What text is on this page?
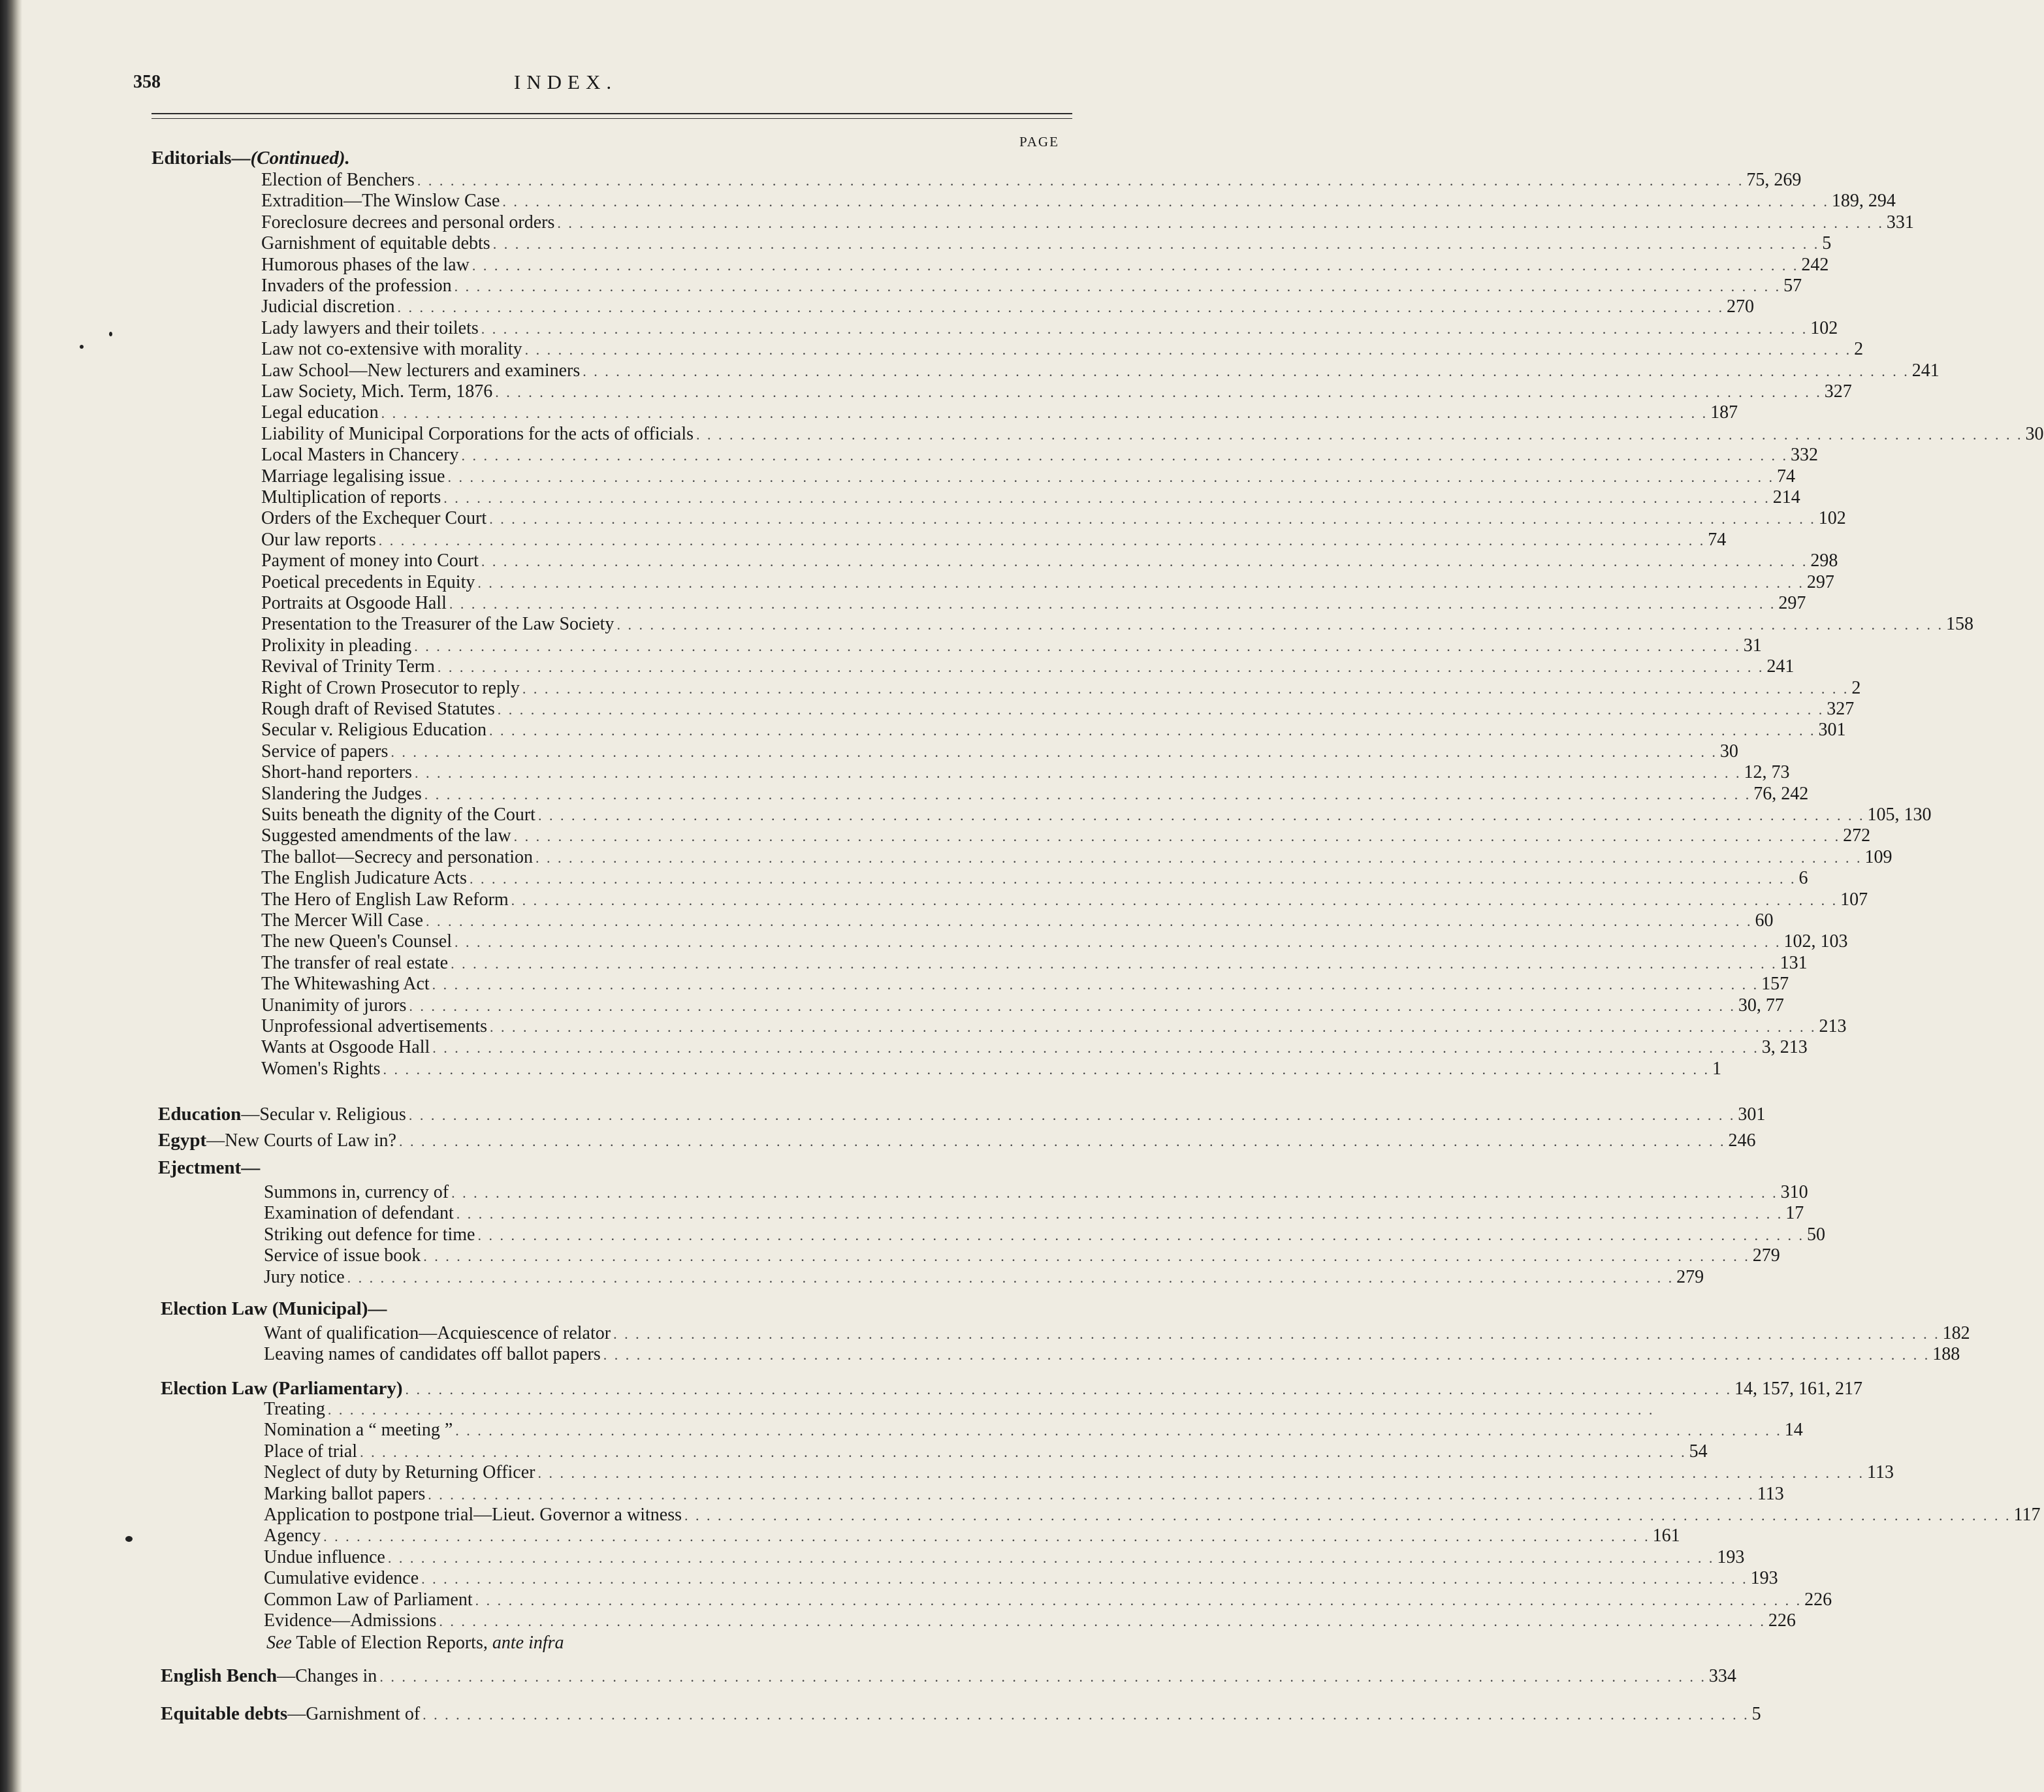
358	INDEX.
PAGE
Editorials—(Continued).
Election of Benchers . . . . . . . . . . . . . . . . . . . . . . . . . . . . . . . . . . . . . . . . . . . . . . . . . . . . . . . . . . . . . . . . . . . . . . . . . . . . . . . . . . . . . . . . . . . . . . . . . . . . . . . . . . . . . . . . . . . . . . . . 75, 269
Extradition—The Winslow Case . . . . . . . . . . . . . . . . . . . . . . . . . . . . . . . . . . . . . . . . . . . . . . . . . . . . . . . . . . . . . . . . . . . . . . . . . . . . . . . . . . . . . . . . . . . . . . . . . . . . . . . . . . . . . . . . . . . . . . . . 189, 294
Foreclosure decrees and personal orders . . . . . . . . . . . . . . . . . . . . . . . . . . . . . . . . . . . . . . . . . . . . . . . . . . . . . . . . . . . . . . . . . . . . . . . . . . . . . . . . . . . . . . . . . . . . . . . . . . . . . . . . . . . . . . . . . . . . . . . . 331
Garnishment of equitable debts . . . . . . . . . . . . . . . . . . . . . . . . . . . . . . . . . . . . . . . . . . . . . . . . . . . . . . . . . . . . . . . . . . . . . . . . . . . . . . . . . . . . . . . . . . . . . . . . . . . . . . . . . . . . . . . . . . . . . . . . 5
Humorous phases of the law . . . . . . . . . . . . . . . . . . . . . . . . . . . . . . . . . . . . . . . . . . . . . . . . . . . . . . . . . . . . . . . . . . . . . . . . . . . . . . . . . . . . . . . . . . . . . . . . . . . . . . . . . . . . . . . . . . . . . . . . 242
Invaders of the profession . . . . . . . . . . . . . . . . . . . . . . . . . . . . . . . . . . . . . . . . . . . . . . . . . . . . . . . . . . . . . . . . . . . . . . . . . . . . . . . . . . . . . . . . . . . . . . . . . . . . . . . . . . . . . . . . . . . . . . . . 57
Judicial discretion . . . . . . . . . . . . . . . . . . . . . . . . . . . . . . . . . . . . . . . . . . . . . . . . . . . . . . . . . . . . . . . . . . . . . . . . . . . . . . . . . . . . . . . . . . . . . . . . . . . . . . . . . . . . . . . . . . . . . . . . 270
Lady lawyers and their toilets . . . . . . . . . . . . . . . . . . . . . . . . . . . . . . . . . . . . . . . . . . . . . . . . . . . . . . . . . . . . . . . . . . . . . . . . . . . . . . . . . . . . . . . . . . . . . . . . . . . . . . . . . . . . . . . . . . . . . . . . 102
Law not co-extensive with morality . . . . . . . . . . . . . . . . . . . . . . . . . . . . . . . . . . . . . . . . . . . . . . . . . . . . . . . . . . . . . . . . . . . . . . . . . . . . . . . . . . . . . . . . . . . . . . . . . . . . . . . . . . . . . . . . . . . . . . . . 2
Law School—New lecturers and examiners . . . . . . . . . . . . . . . . . . . . . . . . . . . . . . . . . . . . . . . . . . . . . . . . . . . . . . . . . . . . . . . . . . . . . . . . . . . . . . . . . . . . . . . . . . . . . . . . . . . . . . . . . . . . . . . . . . . . . . . . 241
Law Society, Mich. Term, 1876 . . . . . . . . . . . . . . . . . . . . . . . . . . . . . . . . . . . . . . . . . . . . . . . . . . . . . . . . . . . . . . . . . . . . . . . . . . . . . . . . . . . . . . . . . . . . . . . . . . . . . . . . . . . . . . . . . . . . . . . . 327
Legal education . . . . . . . . . . . . . . . . . . . . . . . . . . . . . . . . . . . . . . . . . . . . . . . . . . . . . . . . . . . . . . . . . . . . . . . . . . . . . . . . . . . . . . . . . . . . . . . . . . . . . . . . . . . . . . . . . . . . . . . . 187
Liability of Municipal Corporations for the acts of officials . . . . . . . . . . . . . . . . . . . . . . . . . . . . . . . . . . . . . . . . . . . . . . . . . . . . . . . . . . . . . . . . . . . . . . . . . . . . . . . . . . . . . . . . . . . . . . . . . . . . . . . . . . . . . . . . . . . . . . . . 30
Local Masters in Chancery . . . . . . . . . . . . . . . . . . . . . . . . . . . . . . . . . . . . . . . . . . . . . . . . . . . . . . . . . . . . . . . . . . . . . . . . . . . . . . . . . . . . . . . . . . . . . . . . . . . . . . . . . . . . . . . . . . . . . . . . 332
Marriage legalising issue . . . . . . . . . . . . . . . . . . . . . . . . . . . . . . . . . . . . . . . . . . . . . . . . . . . . . . . . . . . . . . . . . . . . . . . . . . . . . . . . . . . . . . . . . . . . . . . . . . . . . . . . . . . . . . . . . . . . . . . . 74
Multiplication of reports . . . . . . . . . . . . . . . . . . . . . . . . . . . . . . . . . . . . . . . . . . . . . . . . . . . . . . . . . . . . . . . . . . . . . . . . . . . . . . . . . . . . . . . . . . . . . . . . . . . . . . . . . . . . . . . . . . . . . . . . 214
Orders of the Exchequer Court . . . . . . . . . . . . . . . . . . . . . . . . . . . . . . . . . . . . . . . . . . . . . . . . . . . . . . . . . . . . . . . . . . . . . . . . . . . . . . . . . . . . . . . . . . . . . . . . . . . . . . . . . . . . . . . . . . . . . . . . 102
Our law reports . . . . . . . . . . . . . . . . . . . . . . . . . . . . . . . . . . . . . . . . . . . . . . . . . . . . . . . . . . . . . . . . . . . . . . . . . . . . . . . . . . . . . . . . . . . . . . . . . . . . . . . . . . . . . . . . . . . . . . . . 74
Payment of money into Court . . . . . . . . . . . . . . . . . . . . . . . . . . . . . . . . . . . . . . . . . . . . . . . . . . . . . . . . . . . . . . . . . . . . . . . . . . . . . . . . . . . . . . . . . . . . . . . . . . . . . . . . . . . . . . . . . . . . . . . . 298
Poetical precedents in Equity . . . . . . . . . . . . . . . . . . . . . . . . . . . . . . . . . . . . . . . . . . . . . . . . . . . . . . . . . . . . . . . . . . . . . . . . . . . . . . . . . . . . . . . . . . . . . . . . . . . . . . . . . . . . . . . . . . . . . . . . 297
Portraits at Osgoode Hall . . . . . . . . . . . . . . . . . . . . . . . . . . . . . . . . . . . . . . . . . . . . . . . . . . . . . . . . . . . . . . . . . . . . . . . . . . . . . . . . . . . . . . . . . . . . . . . . . . . . . . . . . . . . . . . . . . . . . . . . 297
Presentation to the Treasurer of the Law Society . . . . . . . . . . . . . . . . . . . . . . . . . . . . . . . . . . . . . . . . . . . . . . . . . . . . . . . . . . . . . . . . . . . . . . . . . . . . . . . . . . . . . . . . . . . . . . . . . . . . . . . . . . . . . . . . . . . . . . . . 158
Prolixity in pleading . . . . . . . . . . . . . . . . . . . . . . . . . . . . . . . . . . . . . . . . . . . . . . . . . . . . . . . . . . . . . . . . . . . . . . . . . . . . . . . . . . . . . . . . . . . . . . . . . . . . . . . . . . . . . . . . . . . . . . . . 31
Revival of Trinity Term . . . . . . . . . . . . . . . . . . . . . . . . . . . . . . . . . . . . . . . . . . . . . . . . . . . . . . . . . . . . . . . . . . . . . . . . . . . . . . . . . . . . . . . . . . . . . . . . . . . . . . . . . . . . . . . . . . . . . . . . 241
Right of Crown Prosecutor to reply . . . . . . . . . . . . . . . . . . . . . . . . . . . . . . . . . . . . . . . . . . . . . . . . . . . . . . . . . . . . . . . . . . . . . . . . . . . . . . . . . . . . . . . . . . . . . . . . . . . . . . . . . . . . . . . . . . . . . . . . 2
Rough draft of Revised Statutes . . . . . . . . . . . . . . . . . . . . . . . . . . . . . . . . . . . . . . . . . . . . . . . . . . . . . . . . . . . . . . . . . . . . . . . . . . . . . . . . . . . . . . . . . . . . . . . . . . . . . . . . . . . . . . . . . . . . . . . . 327
Secular v. Religious Education . . . . . . . . . . . . . . . . . . . . . . . . . . . . . . . . . . . . . . . . . . . . . . . . . . . . . . . . . . . . . . . . . . . . . . . . . . . . . . . . . . . . . . . . . . . . . . . . . . . . . . . . . . . . . . . . . . . . . . . . 301
Service of papers . . . . . . . . . . . . . . . . . . . . . . . . . . . . . . . . . . . . . . . . . . . . . . . . . . . . . . . . . . . . . . . . . . . . . . . . . . . . . . . . . . . . . . . . . . . . . . . . . . . . . . . . . . . . . . . . . . . . . . . . 30
Short-hand reporters . . . . . . . . . . . . . . . . . . . . . . . . . . . . . . . . . . . . . . . . . . . . . . . . . . . . . . . . . . . . . . . . . . . . . . . . . . . . . . . . . . . . . . . . . . . . . . . . . . . . . . . . . . . . . . . . . . . . . . . . 12, 73
Slandering the Judges . . . . . . . . . . . . . . . . . . . . . . . . . . . . . . . . . . . . . . . . . . . . . . . . . . . . . . . . . . . . . . . . . . . . . . . . . . . . . . . . . . . . . . . . . . . . . . . . . . . . . . . . . . . . . . . . . . . . . . . . 76, 242
Suits beneath the dignity of the Court . . . . . . . . . . . . . . . . . . . . . . . . . . . . . . . . . . . . . . . . . . . . . . . . . . . . . . . . . . . . . . . . . . . . . . . . . . . . . . . . . . . . . . . . . . . . . . . . . . . . . . . . . . . . . . . . . . . . . . . . 105, 130
Suggested amendments of the law . . . . . . . . . . . . . . . . . . . . . . . . . . . . . . . . . . . . . . . . . . . . . . . . . . . . . . . . . . . . . . . . . . . . . . . . . . . . . . . . . . . . . . . . . . . . . . . . . . . . . . . . . . . . . . . . . . . . . . . . 272
The ballot—Secrecy and personation . . . . . . . . . . . . . . . . . . . . . . . . . . . . . . . . . . . . . . . . . . . . . . . . . . . . . . . . . . . . . . . . . . . . . . . . . . . . . . . . . . . . . . . . . . . . . . . . . . . . . . . . . . . . . . . . . . . . . . . . 109
The English Judicature Acts . . . . . . . . . . . . . . . . . . . . . . . . . . . . . . . . . . . . . . . . . . . . . . . . . . . . . . . . . . . . . . . . . . . . . . . . . . . . . . . . . . . . . . . . . . . . . . . . . . . . . . . . . . . . . . . . . . . . . . . . 6
The Hero of English Law Reform . . . . . . . . . . . . . . . . . . . . . . . . . . . . . . . . . . . . . . . . . . . . . . . . . . . . . . . . . . . . . . . . . . . . . . . . . . . . . . . . . . . . . . . . . . . . . . . . . . . . . . . . . . . . . . . . . . . . . . . . 107
The Mercer Will Case . . . . . . . . . . . . . . . . . . . . . . . . . . . . . . . . . . . . . . . . . . . . . . . . . . . . . . . . . . . . . . . . . . . . . . . . . . . . . . . . . . . . . . . . . . . . . . . . . . . . . . . . . . . . . . . . . . . . . . . . 60
The new Queen's Counsel . . . . . . . . . . . . . . . . . . . . . . . . . . . . . . . . . . . . . . . . . . . . . . . . . . . . . . . . . . . . . . . . . . . . . . . . . . . . . . . . . . . . . . . . . . . . . . . . . . . . . . . . . . . . . . . . . . . . . . . . 102, 103
The transfer of real estate . . . . . . . . . . . . . . . . . . . . . . . . . . . . . . . . . . . . . . . . . . . . . . . . . . . . . . . . . . . . . . . . . . . . . . . . . . . . . . . . . . . . . . . . . . . . . . . . . . . . . . . . . . . . . . . . . . . . . . . . 131
The Whitewashing Act . . . . . . . . . . . . . . . . . . . . . . . . . . . . . . . . . . . . . . . . . . . . . . . . . . . . . . . . . . . . . . . . . . . . . . . . . . . . . . . . . . . . . . . . . . . . . . . . . . . . . . . . . . . . . . . . . . . . . . . . 157
Unanimity of jurors . . . . . . . . . . . . . . . . . . . . . . . . . . . . . . . . . . . . . . . . . . . . . . . . . . . . . . . . . . . . . . . . . . . . . . . . . . . . . . . . . . . . . . . . . . . . . . . . . . . . . . . . . . . . . . . . . . . . . . . . 30, 77
Unprofessional advertisements . . . . . . . . . . . . . . . . . . . . . . . . . . . . . . . . . . . . . . . . . . . . . . . . . . . . . . . . . . . . . . . . . . . . . . . . . . . . . . . . . . . . . . . . . . . . . . . . . . . . . . . . . . . . . . . . . . . . . . . . 213
Wants at Osgoode Hall . . . . . . . . . . . . . . . . . . . . . . . . . . . . . . . . . . . . . . . . . . . . . . . . . . . . . . . . . . . . . . . . . . . . . . . . . . . . . . . . . . . . . . . . . . . . . . . . . . . . . . . . . . . . . . . . . . . . . . . . 3, 213
Women's Rights . . . . . . . . . . . . . . . . . . . . . . . . . . . . . . . . . . . . . . . . . . . . . . . . . . . . . . . . . . . . . . . . . . . . . . . . . . . . . . . . . . . . . . . . . . . . . . . . . . . . . . . . . . . . . . . . . . . . . . . . 1
Education—Secular v. Religious . . . . . . . . . . . . . . . . . . . . . . . . . . . . . . . . . . . . . . . . . . . . . . . . . . . . . . . . . . . . . . . . . . . . . . . . . . . . . . . . . . . . . . . . . . . . . . . . . . . . . . . . . . . . . . . . . . . . . . . . 301
Egypt—New Courts of Law in? . . . . . . . . . . . . . . . . . . . . . . . . . . . . . . . . . . . . . . . . . . . . . . . . . . . . . . . . . . . . . . . . . . . . . . . . . . . . . . . . . . . . . . . . . . . . . . . . . . . . . . . . . . . . . . . . . . . . . . . . 246
Ejectment—
Summons in, currency of . . . . . . . . . . . . . . . . . . . . . . . . . . . . . . . . . . . . . . . . . . . . . . . . . . . . . . . . . . . . . . . . . . . . . . . . . . . . . . . . . . . . . . . . . . . . . . . . . . . . . . . . . . . . . . . . . . . . . . . . 310
Examination of defendant . . . . . . . . . . . . . . . . . . . . . . . . . . . . . . . . . . . . . . . . . . . . . . . . . . . . . . . . . . . . . . . . . . . . . . . . . . . . . . . . . . . . . . . . . . . . . . . . . . . . . . . . . . . . . . . . . . . . . . . . 17
Striking out defence for time . . . . . . . . . . . . . . . . . . . . . . . . . . . . . . . . . . . . . . . . . . . . . . . . . . . . . . . . . . . . . . . . . . . . . . . . . . . . . . . . . . . . . . . . . . . . . . . . . . . . . . . . . . . . . . . . . . . . . . . . 50
Service of issue book . . . . . . . . . . . . . . . . . . . . . . . . . . . . . . . . . . . . . . . . . . . . . . . . . . . . . . . . . . . . . . . . . . . . . . . . . . . . . . . . . . . . . . . . . . . . . . . . . . . . . . . . . . . . . . . . . . . . . . . . 279
Jury notice . . . . . . . . . . . . . . . . . . . . . . . . . . . . . . . . . . . . . . . . . . . . . . . . . . . . . . . . . . . . . . . . . . . . . . . . . . . . . . . . . . . . . . . . . . . . . . . . . . . . . . . . . . . . . . . . . . . . . . . . 279
Election Law (Municipal)—
Want of qualification—Acquiescence of relator . . . . . . . . . . . . . . . . . . . . . . . . . . . . . . . . . . . . . . . . . . . . . . . . . . . . . . . . . . . . . . . . . . . . . . . . . . . . . . . . . . . . . . . . . . . . . . . . . . . . . . . . . . . . . . . . . . . . . . . . 182
Leaving names of candidates off ballot papers . . . . . . . . . . . . . . . . . . . . . . . . . . . . . . . . . . . . . . . . . . . . . . . . . . . . . . . . . . . . . . . . . . . . . . . . . . . . . . . . . . . . . . . . . . . . . . . . . . . . . . . . . . . . . . . . . . . . . . . . 188
Election Law (Parliamentary) . . . . . . . . . . . . . . . . . . . . . . . . . . . . . . . . . . . . . . . . . . . . . . . . . . . . . . . . . . . . . . . . . . . . . . . . . . . . . . . . . . . . . . . . . . . . . . . . . . . . . . . . . . . . . . . . . . . . . . . . 14, 157, 161, 217
Treating . . . . . . . . . . . . . . . . . . . . . . . . . . . . . . . . . . . . . . . . . . . . . . . . . . . . . . . . . . . . . . . . . . . . . . . . . . . . . . . . . . . . . . . . . . . . . . . . . . . . . . . . . . . . . . . . . . . . . . . .
Nomination a “ meeting ” . . . . . . . . . . . . . . . . . . . . . . . . . . . . . . . . . . . . . . . . . . . . . . . . . . . . . . . . . . . . . . . . . . . . . . . . . . . . . . . . . . . . . . . . . . . . . . . . . . . . . . . . . . . . . . . . . . . . . . . . 14
Place of trial . . . . . . . . . . . . . . . . . . . . . . . . . . . . . . . . . . . . . . . . . . . . . . . . . . . . . . . . . . . . . . . . . . . . . . . . . . . . . . . . . . . . . . . . . . . . . . . . . . . . . . . . . . . . . . . . . . . . . . . . 54
Neglect of duty by Returning Officer . . . . . . . . . . . . . . . . . . . . . . . . . . . . . . . . . . . . . . . . . . . . . . . . . . . . . . . . . . . . . . . . . . . . . . . . . . . . . . . . . . . . . . . . . . . . . . . . . . . . . . . . . . . . . . . . . . . . . . . . 113
Marking ballot papers . . . . . . . . . . . . . . . . . . . . . . . . . . . . . . . . . . . . . . . . . . . . . . . . . . . . . . . . . . . . . . . . . . . . . . . . . . . . . . . . . . . . . . . . . . . . . . . . . . . . . . . . . . . . . . . . . . . . . . . . 113
Application to postpone trial—Lieut. Governor a witness . . . . . . . . . . . . . . . . . . . . . . . . . . . . . . . . . . . . . . . . . . . . . . . . . . . . . . . . . . . . . . . . . . . . . . . . . . . . . . . . . . . . . . . . . . . . . . . . . . . . . . . . . . . . . . . . . . . . . . . . 117
Agency . . . . . . . . . . . . . . . . . . . . . . . . . . . . . . . . . . . . . . . . . . . . . . . . . . . . . . . . . . . . . . . . . . . . . . . . . . . . . . . . . . . . . . . . . . . . . . . . . . . . . . . . . . . . . . . . . . . . . . . . 161
Undue influence . . . . . . . . . . . . . . . . . . . . . . . . . . . . . . . . . . . . . . . . . . . . . . . . . . . . . . . . . . . . . . . . . . . . . . . . . . . . . . . . . . . . . . . . . . . . . . . . . . . . . . . . . . . . . . . . . . . . . . . . 193
Cumulative evidence . . . . . . . . . . . . . . . . . . . . . . . . . . . . . . . . . . . . . . . . . . . . . . . . . . . . . . . . . . . . . . . . . . . . . . . . . . . . . . . . . . . . . . . . . . . . . . . . . . . . . . . . . . . . . . . . . . . . . . . . 193
Common Law of Parliament . . . . . . . . . . . . . . . . . . . . . . . . . . . . . . . . . . . . . . . . . . . . . . . . . . . . . . . . . . . . . . . . . . . . . . . . . . . . . . . . . . . . . . . . . . . . . . . . . . . . . . . . . . . . . . . . . . . . . . . . 226
Evidence—Admissions . . . . . . . . . . . . . . . . . . . . . . . . . . . . . . . . . . . . . . . . . . . . . . . . . . . . . . . . . . . . . . . . . . . . . . . . . . . . . . . . . . . . . . . . . . . . . . . . . . . . . . . . . . . . . . . . . . . . . . . . 226
English Bench—Changes in . . . . . . . . . . . . . . . . . . . . . . . . . . . . . . . . . . . . . . . . . . . . . . . . . . . . . . . . . . . . . . . . . . . . . . . . . . . . . . . . . . . . . . . . . . . . . . . . . . . . . . . . . . . . . . . . . . . . . . . . 334
Equitable debts—Garnishment of . . . . . . . . . . . . . . . . . . . . . . . . . . . . . . . . . . . . . . . . . . . . . . . . . . . . . . . . . . . . . . . . . . . . . . . . . . . . . . . . . . . . . . . . . . . . . . . . . . . . . . . . . . . . . . . . . . . . . . . . 5
See Table of Election Reports, ante infra
